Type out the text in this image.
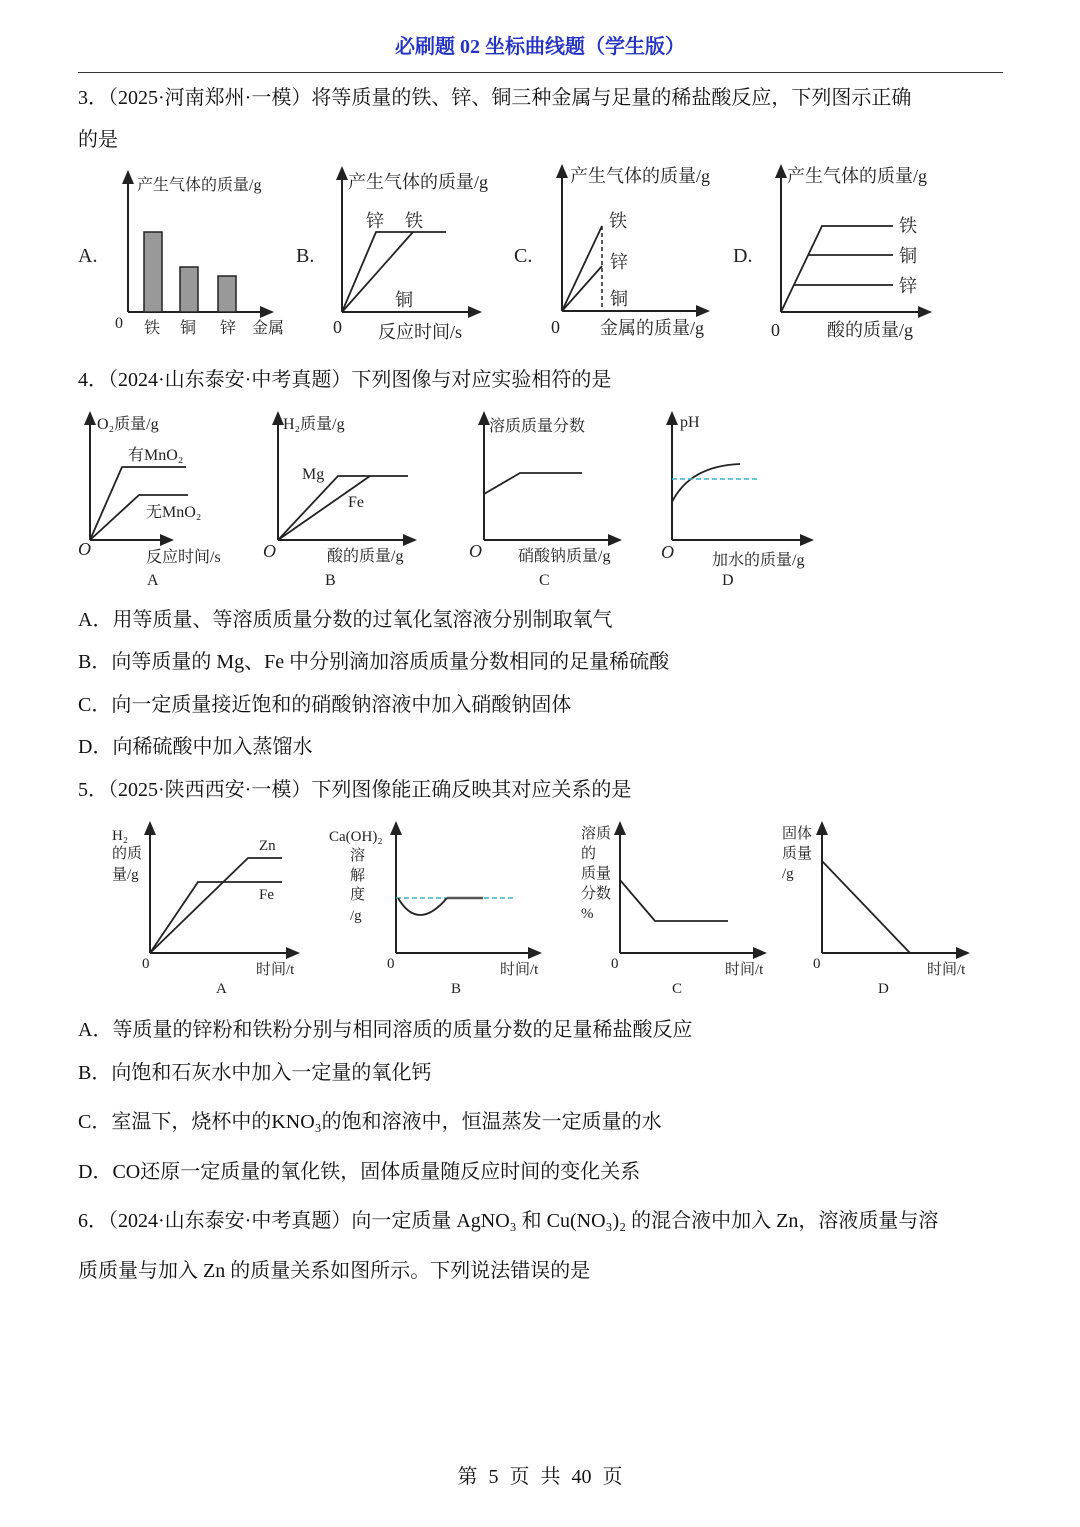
必刷题 02 坐标曲线题（学生版）
3．（2025·河南郑州·一模）将等质量的铁、锌、铜三种金属与足量的稀盐酸反应，下列图示正确
的是
A.
产生气体的质量/g
0 铁 铜 锌 金属
B.
产生气体的质量/g
锌 铁
铜
0 反应时间/s
C.
产生气体的质量/g
铁
锌
铜
0 金属的质量/g
D.
产生气体的质量/g
铁
铜
锌
0	酸的质量/g
4．（2024·山东泰安·中考真题）下列图像与对应实验相符的是
O₂质量/g
有MnO₂
无MnO₂
O	反应时间/s
A
H₂质量/g
Mg
Fe
O	酸的质量/g
B
溶质质量分数
O 硝酸钠质量/g
C
pH
O 加水的质量/g
D
A．用等质量、等溶质质量分数的过氧化氢溶液分别制取氧气
B．向等质量的 Mg、Fe 中分别滴加溶质质量分数相同的足量稀硫酸
C．向一定质量接近饱和的硝酸钠溶液中加入硝酸钠固体
D．向稀硫酸中加入蒸馏水
5．（2025·陕西西安·一模）下列图像能正确反映其对应关系的是
H₂
的质
量/g
Zn
Fe
0	时间/t
A
Ca(OH)₂
溶
解
度
/g
0	时间/t
B
溶质
的
质量
分数
%
0	时间/t
C
固体
质量
/g
0	时间/t
D
A．等质量的锌粉和铁粉分别与相同溶质的质量分数的足量稀盐酸反应
B．向饱和石灰水中加入一定量的氧化钙
C．室温下，烧杯中的KNO₃的饱和溶液中，恒温蒸发一定质量的水
D．CO还原一定质量的氧化铁，固体质量随反应时间的变化关系
6．（2024·山东泰安·中考真题）向一定质量 AgNO₃ 和 Cu(NO₃)₂ 的混合液中加入 Zn，溶液质量与溶
质质量与加入 Zn 的质量关系如图所示。下列说法错误的是
第 5 页 共 40 页
